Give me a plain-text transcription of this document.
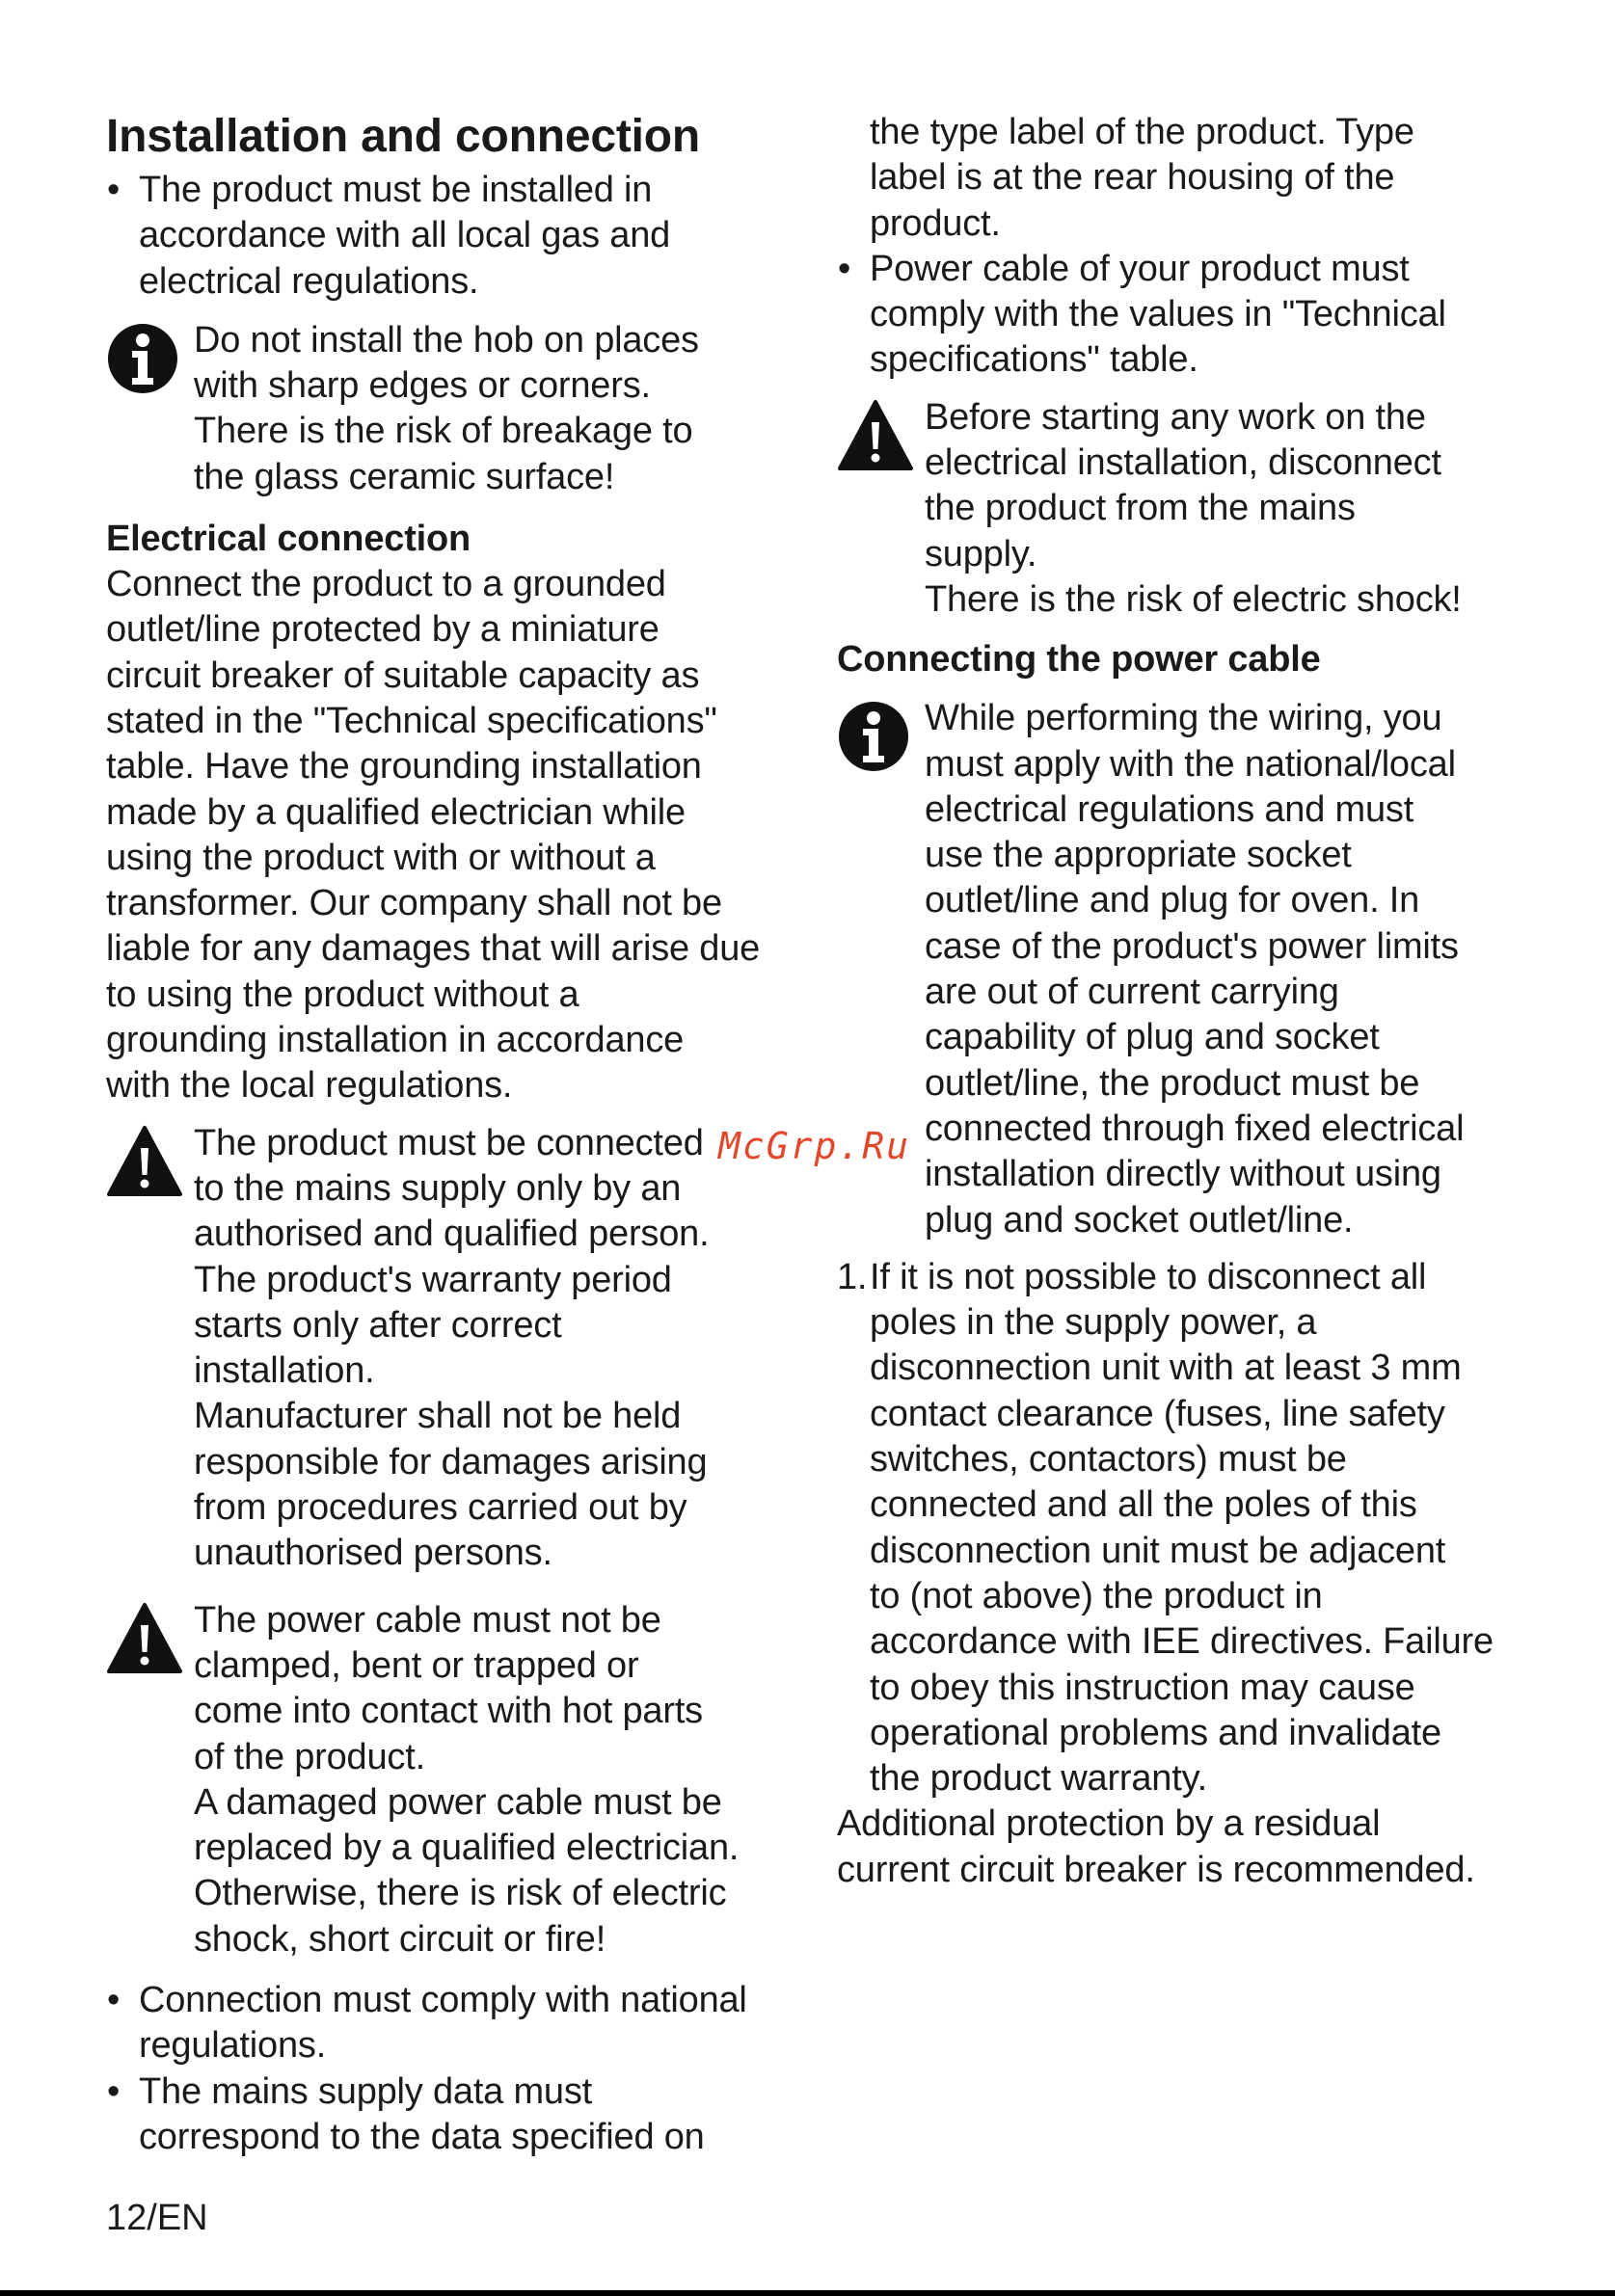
Installation and connection
• The product must be installed in
accordance with all local gas and
electrical regulations.
Do not install the hob on places
with sharp edges or corners.
There is the risk of breakage to
the glass ceramic surface!
Electrical connection
Connect the product to a grounded
outlet/line protected by a miniature
circuit breaker of suitable capacity as
stated in the "Technical specifications"
table. Have the grounding installation
made by a qualified electrician while
using the product with or without a
transformer. Our company shall not be
liable for any damages that will arise due
to using the product without a
grounding installation in accordance
with the local regulations.
The product must be connected
to the mains supply only by an
authorised and qualified person.
The product's warranty period
starts only after correct
installation.
Manufacturer shall not be held
responsible for damages arising
from procedures carried out by
unauthorised persons.
The power cable must not be
clamped, bent or trapped or
come into contact with hot parts
of the product.
A damaged power cable must be
replaced by a qualified electrician.
Otherwise, there is risk of electric
shock, short circuit or fire!
• Connection must comply with national
regulations.
• The mains supply data must
correspond to the data specified on
the type label of the product. Type
label is at the rear housing of the
product.
• Power cable of your product must
comply with the values in "Technical
specifications" table.
Before starting any work on the
electrical installation, disconnect
the product from the mains
supply.
There is the risk of electric shock!
Connecting the power cable
While performing the wiring, you
must apply with the national/local
electrical regulations and must
use the appropriate socket
outlet/line and plug for oven. In
case of the product's power limits
are out of current carrying
capability of plug and socket
outlet/line, the product must be
connected through fixed electrical
installation directly without using
plug and socket outlet/line.
1. If it is not possible to disconnect all
poles in the supply power, a
disconnection unit with at least 3 mm
contact clearance (fuses, line safety
switches, contactors) must be
connected and all the poles of this
disconnection unit must be adjacent
to (not above) the product in
accordance with IEE directives. Failure
to obey this instruction may cause
operational problems and invalidate
the product warranty.
Additional protection by a residual
current circuit breaker is recommended.
McGrp.Ru
12/EN
